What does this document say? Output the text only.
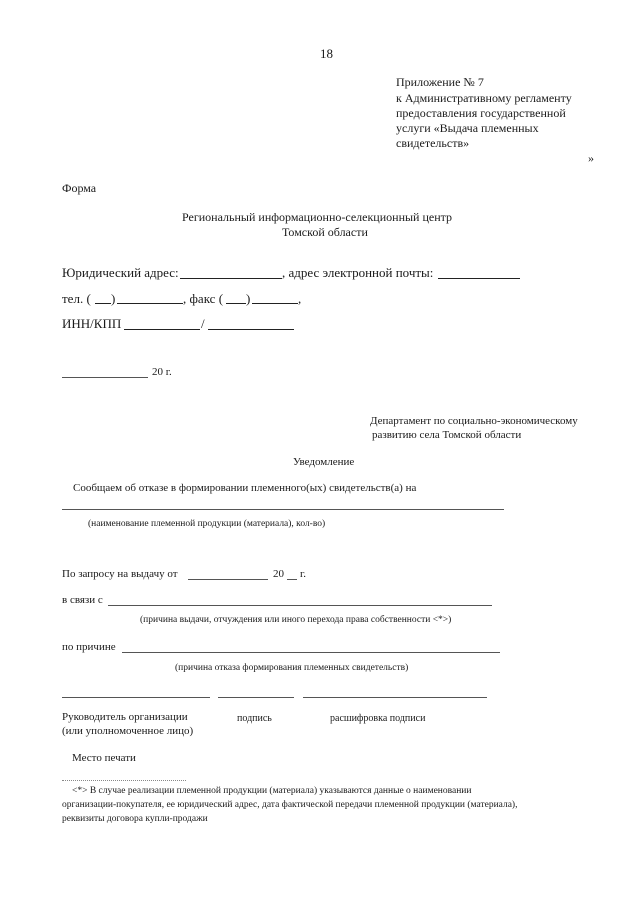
18
Приложение № 7
к Административному регламенту
предоставления государственной
услуги «Выдача племенных
свидетельств»
»
Форма
Региональный информационно-селекционный центр
Томской области
Юридический адрес:	, адрес электронной почты:
тел. ( )	, факс ( )	,
ИНН/КПП	/
20 г.
Департамент по социально-экономическому
развитию села Томской области
Уведомление
Сообщаем об отказе в формировании племенного(ых) свидетельств(а) на
(наименование племенной продукции (материала), кол-во)
По запросу на выдачу от	20 г.
в связи с
(причина выдачи, отчуждения или иного перехода права собственности <*>)
по причине
(причина отказа формирования племенных свидетельств)
Руководитель организации
(или уполномоченное лицо)
подпись	расшифровка подписи
Место печати
<*> В случае реализации племенной продукции (материала) указываются данные о наименовании
организации-покупателя, ее юридический адрес, дата фактической передачи племенной продукции (материала),
реквизиты договора купли-продажи
